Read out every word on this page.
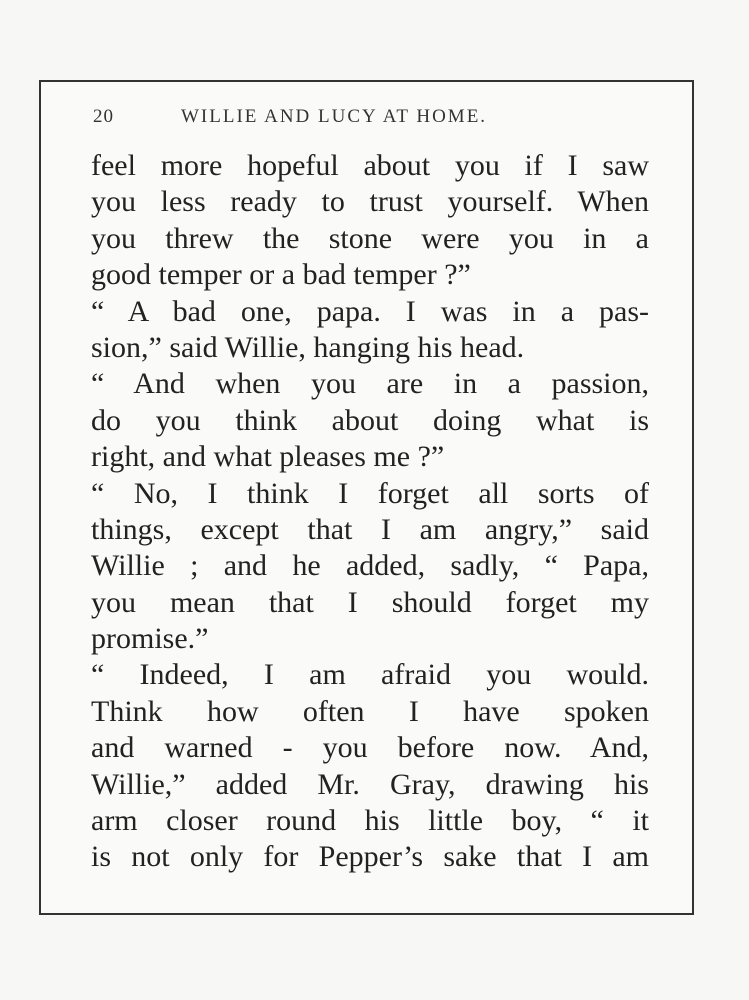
20	WILLIE AND LUCY AT HOME.
feel more hopeful about you if I saw
you less ready to trust yourself. When
you threw the stone were you in a
good temper or a bad temper ?”
“ A bad one, papa. I was in a pas-
sion,” said Willie, hanging his head.
“ And when you are in a passion,
do you think about doing what is
right, and what pleases me ?”
“ No, I think I forget all sorts of
things, except that I am angry,” said
Willie ; and he added, sadly, “ Papa,
you mean that I should forget my
promise.”
“ Indeed, I am afraid you would.
Think how often I have spoken
and warned - you before now. And,
Willie,” added Mr. Gray, drawing his
arm closer round his little boy, “ it
is not only for Pepper’s sake that I am
